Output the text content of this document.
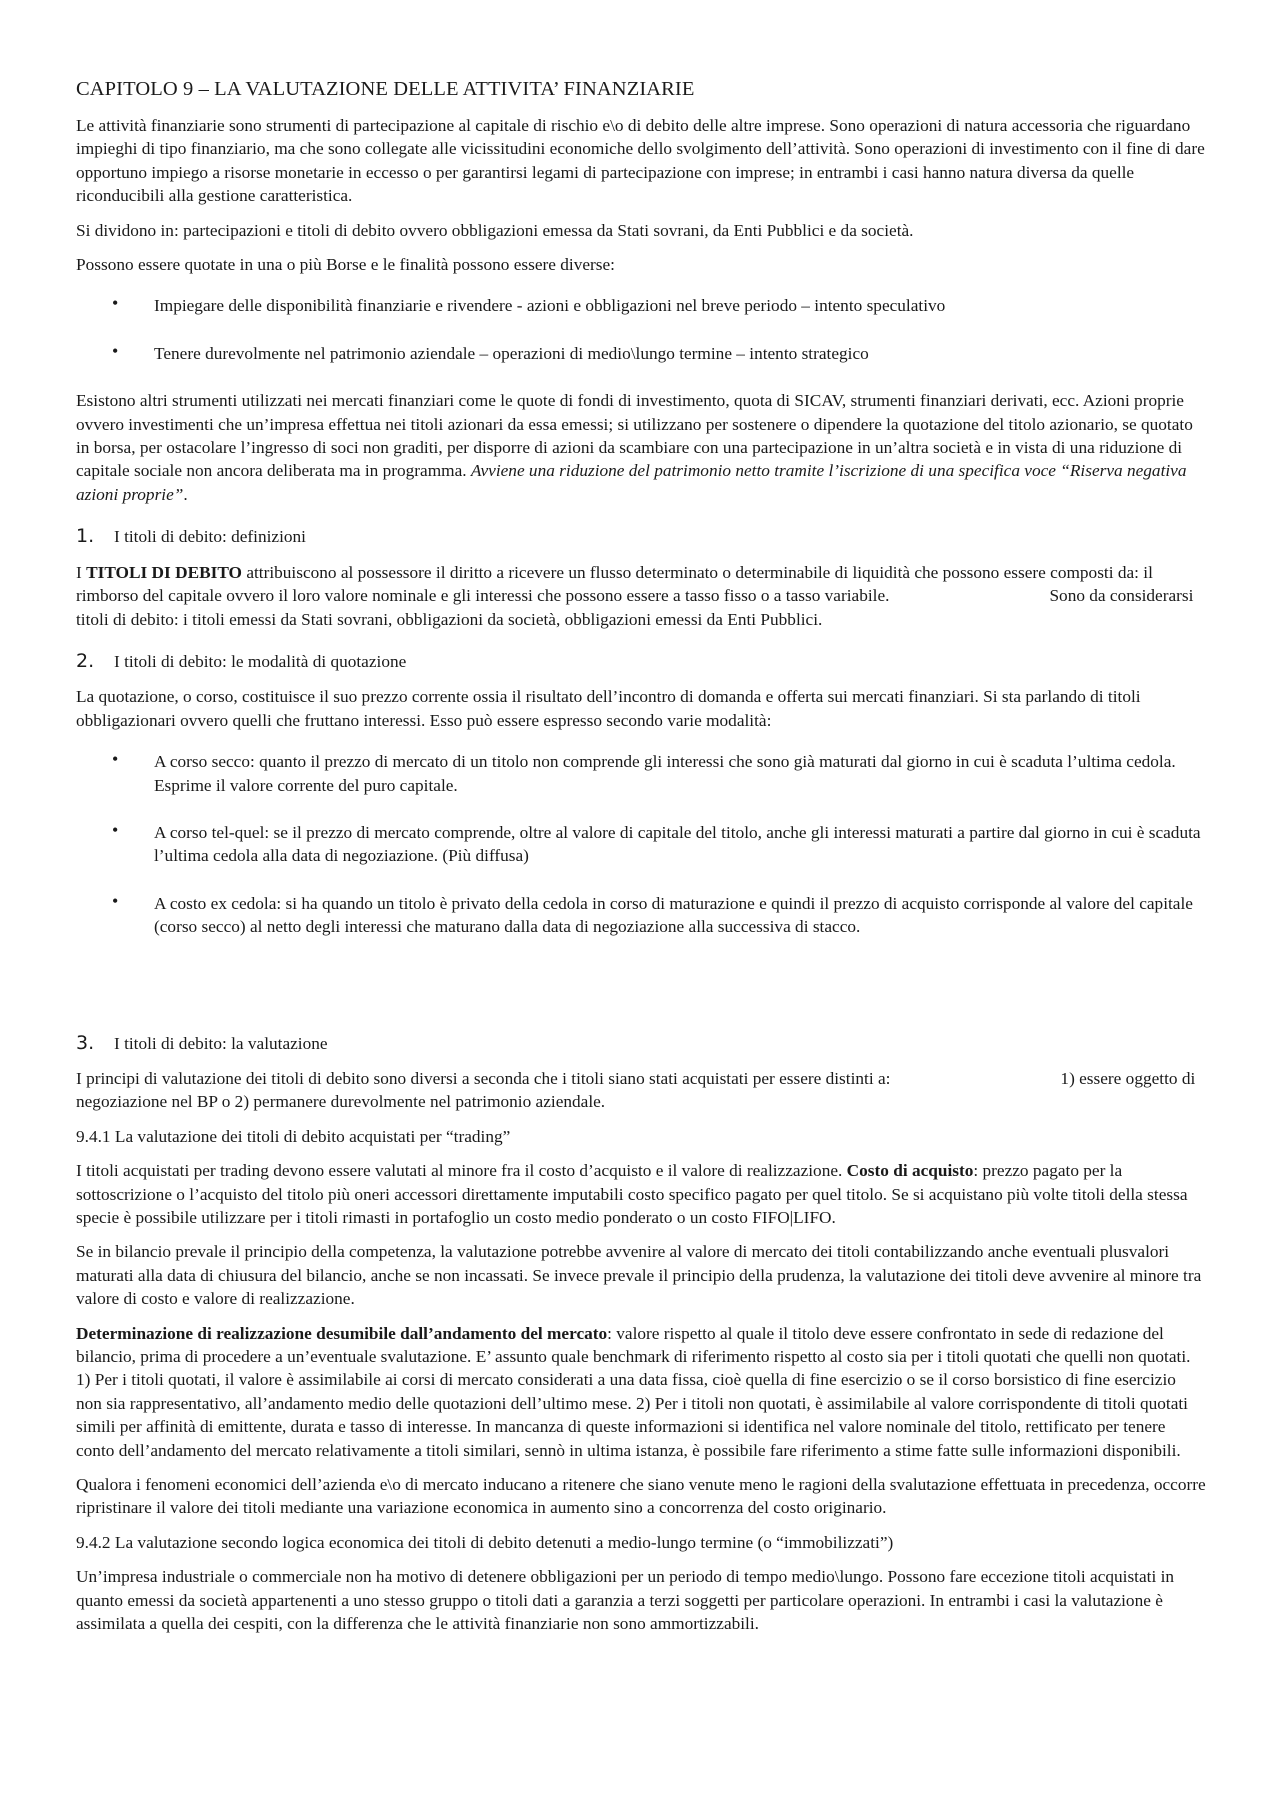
CAPITOLO 9 – LA VALUTAZIONE DELLE ATTIVITA’ FINANZIARIE

Le attività finanziarie sono strumenti di partecipazione al capitale di rischio e\o di debito delle altre imprese. Sono operazioni di natura accessoria che riguardano impieghi di tipo finanziario, ma che sono collegate alle vicissitudini economiche dello svolgimento dell’attività. Sono operazioni di investimento con il fine di dare opportuno impiego a risorse monetarie in eccesso o per garantirsi legami di partecipazione con imprese; in entrambi i casi hanno natura diversa da quelle riconducibili alla gestione caratteristica.

Si dividono in: partecipazioni e titoli di debito ovvero obbligazioni emessa da Stati sovrani, da Enti Pubblici e da società.

Possono essere quotate in una o più Borse e le finalità possono essere diverse:

• Impiegare delle disponibilità finanziarie e rivendere - azioni e obbligazioni nel breve periodo – intento speculativo
• Tenere durevolmente nel patrimonio aziendale – operazioni di medio\lungo termine – intento strategico

Esistono altri strumenti utilizzati nei mercati finanziari come le quote di fondi di investimento, quota di SICAV, strumenti finanziari derivati, ecc. Azioni proprie ovvero investimenti che un’impresa effettua nei titoli azionari da essa emessi; si utilizzano per sostenere o dipendere la quotazione del titolo azionario, se quotato in borsa, per ostacolare l’ingresso di soci non graditi, per disporre di azioni da scambiare con una partecipazione in un’altra società e in vista di una riduzione di capitale sociale non ancora deliberata ma in programma. Avviene una riduzione del patrimonio netto tramite l’iscrizione di una specifica voce “Riserva negativa azioni proprie”.

1. I titoli di debito: definizioni

I TITOLI DI DEBITO attribuiscono al possessore il diritto a ricevere un flusso determinato o determinabile di liquidità che possono essere composti da: il rimborso del capitale ovvero il loro valore nominale e gli interessi che possono essere a tasso fisso o a tasso variabile.	Sono da considerarsi titoli di debito: i titoli emessi da Stati sovrani, obbligazioni da società, obbligazioni emessi da Enti Pubblici.

2. I titoli di debito: le modalità di quotazione

La quotazione, o corso, costituisce il suo prezzo corrente ossia il risultato dell’incontro di domanda e offerta sui mercati finanziari. Si sta parlando di titoli obbligazionari ovvero quelli che fruttano interessi. Esso può essere espresso secondo varie modalità:

• A corso secco: quanto il prezzo di mercato di un titolo non comprende gli interessi che sono già maturati dal giorno in cui è scaduta l’ultima cedola. Esprime il valore corrente del puro capitale.
• A corso tel-quel: se il prezzo di mercato comprende, oltre al valore di capitale del titolo, anche gli interessi maturati a partire dal giorno in cui è scaduta l’ultima cedola alla data di negoziazione. (Più diffusa)
• A costo ex cedola: si ha quando un titolo è privato della cedola in corso di maturazione e quindi il prezzo di acquisto corrisponde al valore del capitale (corso secco) al netto degli interessi che maturano dalla data di negoziazione alla successiva di stacco.
3. I titoli di debito: la valutazione

I principi di valutazione dei titoli di debito sono diversi a seconda che i titoli siano stati acquistati per essere distinti a:	1) essere oggetto di negoziazione nel BP o 2) permanere durevolmente nel patrimonio aziendale.

9.4.1 La valutazione dei titoli di debito acquistati per “trading”

I titoli acquistati per trading devono essere valutati al minore fra il costo d’acquisto e il valore di realizzazione. Costo di acquisto: prezzo pagato per la sottoscrizione o l’acquisto del titolo più oneri accessori direttamente imputabili costo specifico pagato per quel titolo. Se si acquistano più volte titoli della stessa specie è possibile utilizzare per i titoli rimasti in portafoglio un costo medio ponderato o un costo FIFO|LIFO.

Se in bilancio prevale il principio della competenza, la valutazione potrebbe avvenire al valore di mercato dei titoli contabilizzando anche eventuali plusvalori maturati alla data di chiusura del bilancio, anche se non incassati. Se invece prevale il principio della prudenza, la valutazione dei titoli deve avvenire al minore tra valore di costo e valore di realizzazione.

Determinazione di realizzazione desumibile dall’andamento del mercato: valore rispetto al quale il titolo deve essere confrontato in sede di redazione del bilancio, prima di procedere a un’eventuale svalutazione. E’ assunto quale benchmark di riferimento rispetto al costo sia per i titoli quotati che quelli non quotati. 1) Per i titoli quotati, il valore è assimilabile ai corsi di mercato considerati a una data fissa, cioè quella di fine esercizio o se il corso borsistico di fine esercizio non sia rappresentativo, all’andamento medio delle quotazioni dell’ultimo mese. 2) Per i titoli non quotati, è assimilabile al valore corrispondente di titoli quotati simili per affinità di emittente, durata e tasso di interesse. In mancanza di queste informazioni si identifica nel valore nominale del titolo, rettificato per tenere conto dell’andamento del mercato relativamente a titoli similari, sennò in ultima istanza, è possibile fare riferimento a stime fatte sulle informazioni disponibili.

Qualora i fenomeni economici dell’azienda e\o di mercato inducano a ritenere che siano venute meno le ragioni della svalutazione effettuata in precedenza, occorre ripristinare il valore dei titoli mediante una variazione economica in aumento sino a concorrenza del costo originario.

9.4.2 La valutazione secondo logica economica dei titoli di debito detenuti a medio-lungo termine (o “immobilizzati”)

Un’impresa industriale o commerciale non ha motivo di detenere obbligazioni per un periodo di tempo medio\lungo. Possono fare eccezione titoli acquistati in quanto emessi da società appartenenti a uno stesso gruppo o titoli dati a garanzia a terzi soggetti per particolare operazioni. In entrambi i casi la valutazione è assimilata a quella dei cespiti, con la differenza che le attività finanziarie non sono ammortizzabili.
